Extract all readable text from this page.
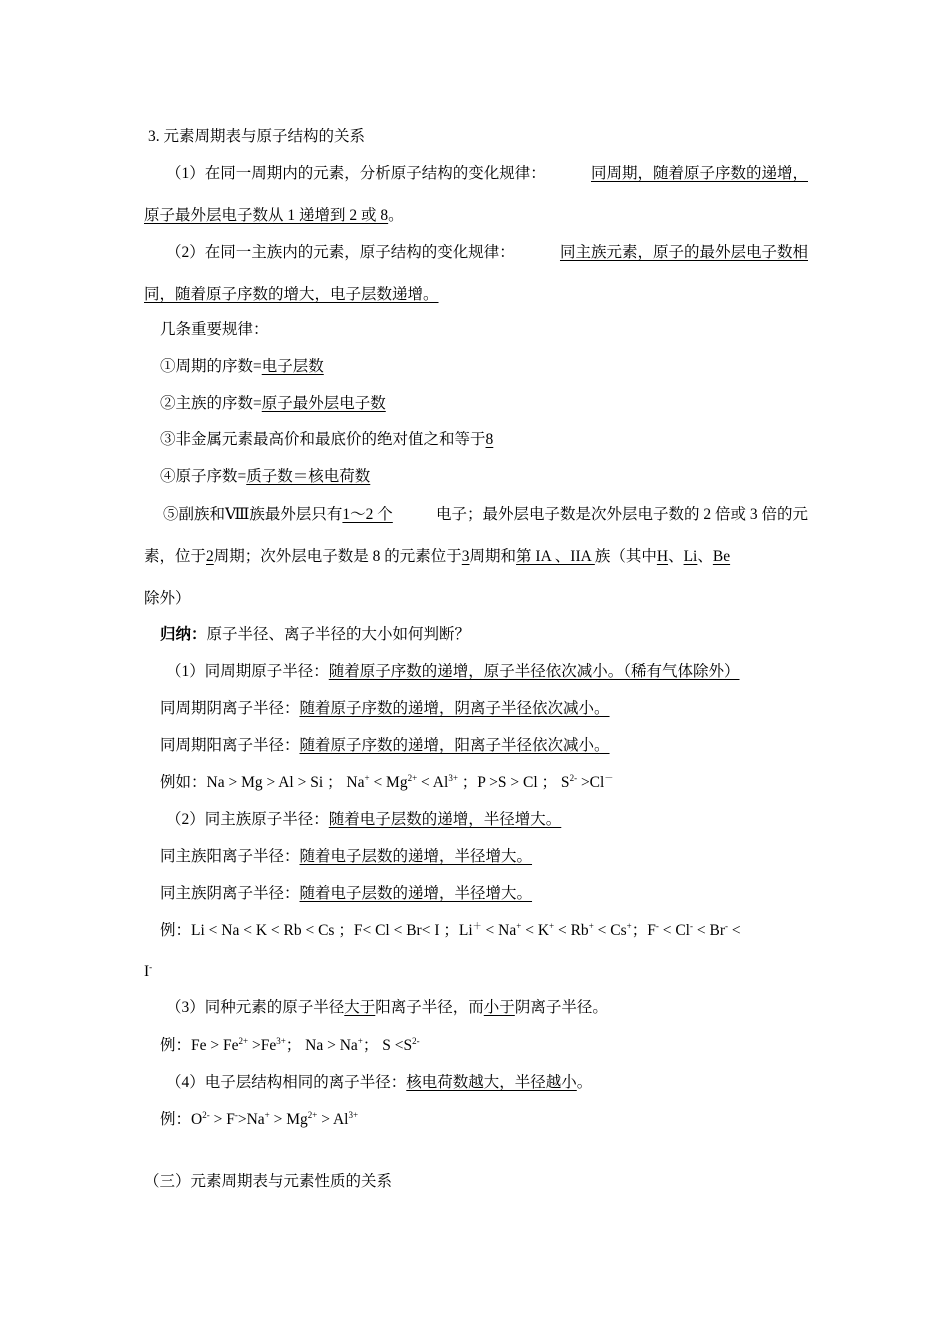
3. 元素周期表与原子结构的关系
（1）在同一周期内的元素，分析原子结构的变化规律：	同周期，随着原子序数的递增，
原子最外层电子数从 1 递增到 2 或 8。
（2）在同一主族内的元素，原子结构的变化规律：	同主族元素，原子的最外层电子数相
同，随着原子序数的增大，电子层数递增。
几条重要规律：
①周期的序数=电子层数
②主族的序数=原子最外层电子数
③非金属元素最高价和最底价的绝对值之和等于8
④原子序数=质子数＝核电荷数
⑤副族和Ⅷ族最外层只有1～2 个	电子；最外层电子数是次外层电子数的 2 倍或 3 倍的元
素，位于2周期；次外层电子数是 8 的元素位于3周期和第 IA 、IIA 族（其中H、Li、Be
除外）
归纳：原子半径、离子半径的大小如何判断？
（1）同周期原子半径：随着原子序数的递增，原子半径依次减小。（稀有气体除外）
同周期阴离子半径：随着原子序数的递增，阴离子半径依次减小。
同周期阳离子半径：随着原子序数的递增，阳离子半径依次减小。
例如：Na > Mg > Al > Si ； $Na^+ < Mg^{2+} < Al^{3+}$ ；P >S > Cl ； $S^{2-} >Cl^-$
（2）同主族原子半径：随着电子层数的递增，半径增大。
同主族阳离子半径：随着电子层数的递增，半径增大。
同主族阴离子半径：随着电子层数的递增，半径增大。
例：Li < Na < K < Rb < Cs ；F< Cl < Br< I ；Li＋ < Na+ < K+ < Rb+ < Cs+；F- < Cl- < Br- <
I-
（3）同种元素的原子半径大于阳离子半径，而小于阴离子半径。
例：$Fe > Fe^{2+} >Fe^{3+}$； Na > Na+； $S <S^{2-}$
（4）电子层结构相同的离子半径：核电荷数越大，半径越小。
例：$O^{2-} > F^->Na^+ > Mg^{2+} > Al^{3+}$
（三）元素周期表与元素性质的关系
